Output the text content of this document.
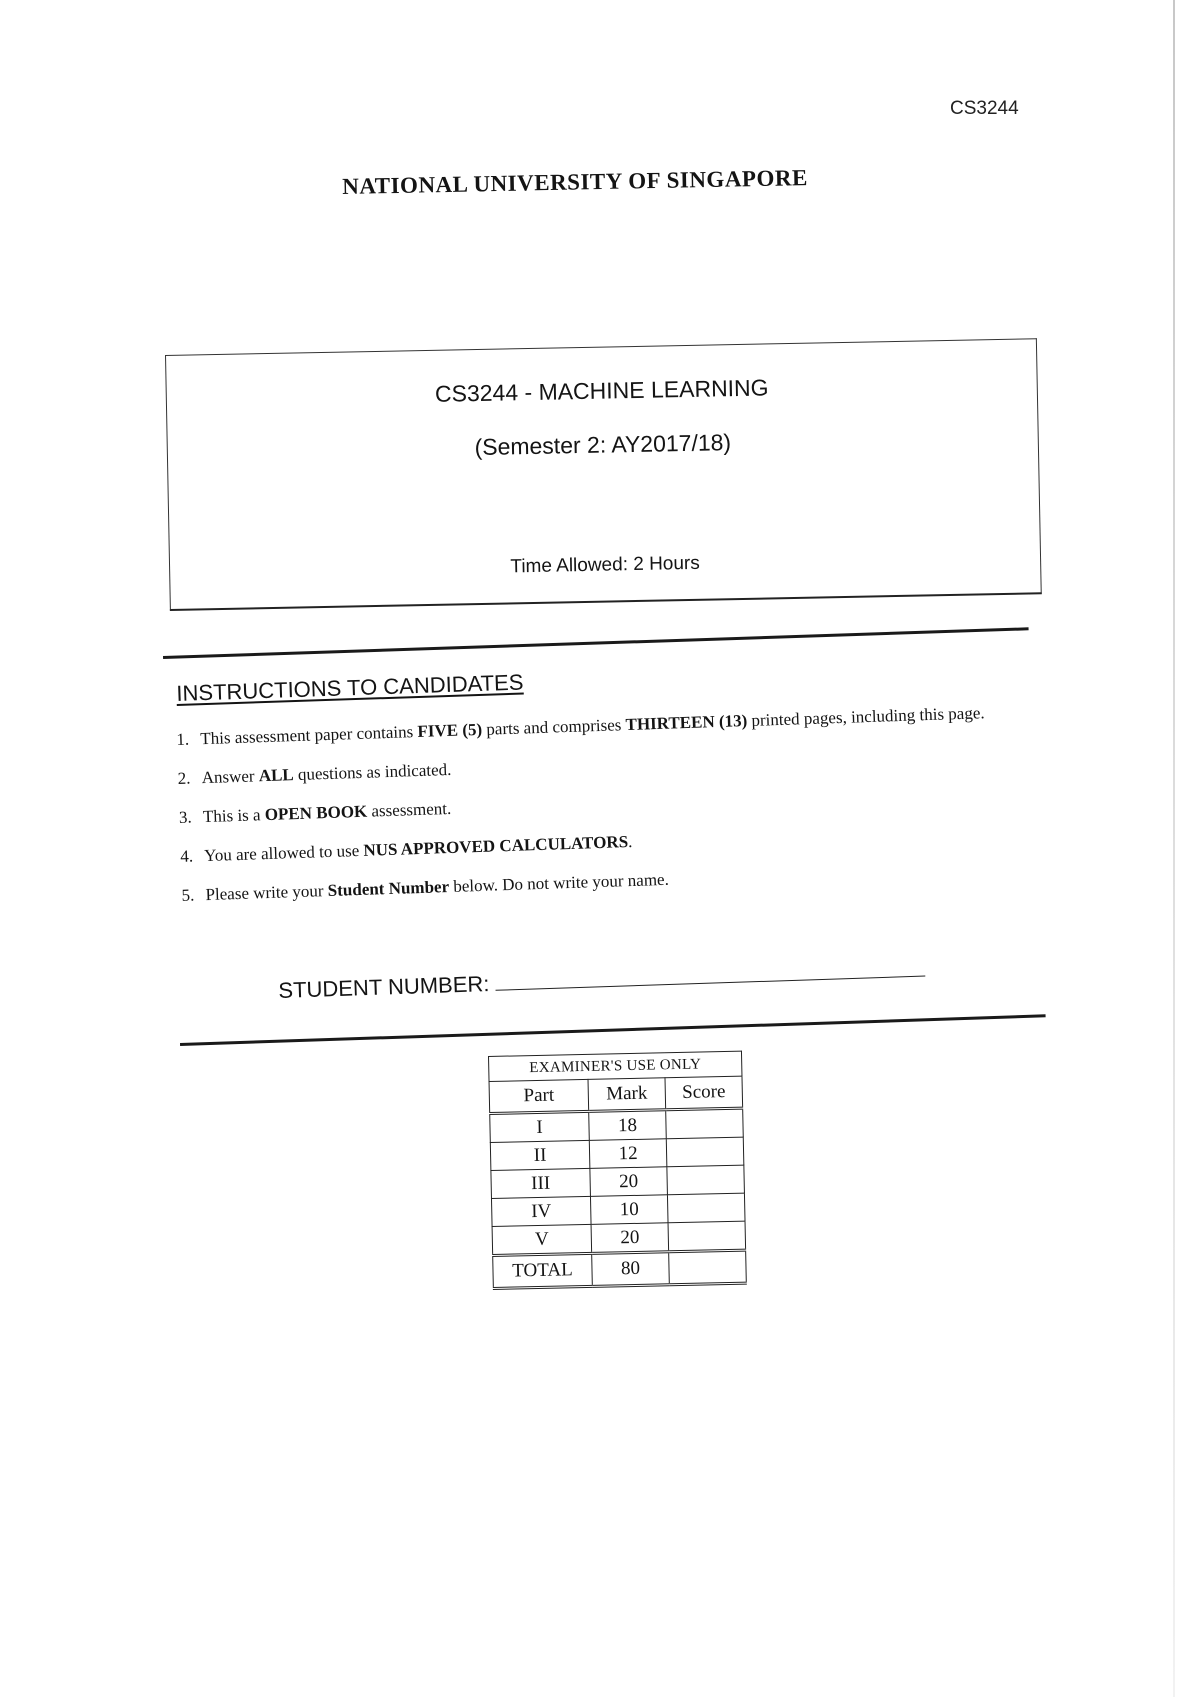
CS3244
NATIONAL UNIVERSITY OF SINGAPORE
CS3244 - MACHINE LEARNING
(Semester 2: AY2017/18)
Time Allowed: 2 Hours
INSTRUCTIONS TO CANDIDATES
1. This assessment paper contains FIVE (5) parts and comprises THIRTEEN (13) printed pages, including this page.
2. Answer ALL questions as indicated.
3. This is a OPEN BOOK assessment.
4. You are allowed to use NUS APPROVED CALCULATORS.
5. Please write your Student Number below. Do not write your name.
STUDENT NUMBER:
EXAMINER'S USE ONLY		
Part	Mark	Score
I	18	
II	12	
III	20	
IV	10	
V	20	
TOTAL	80	
